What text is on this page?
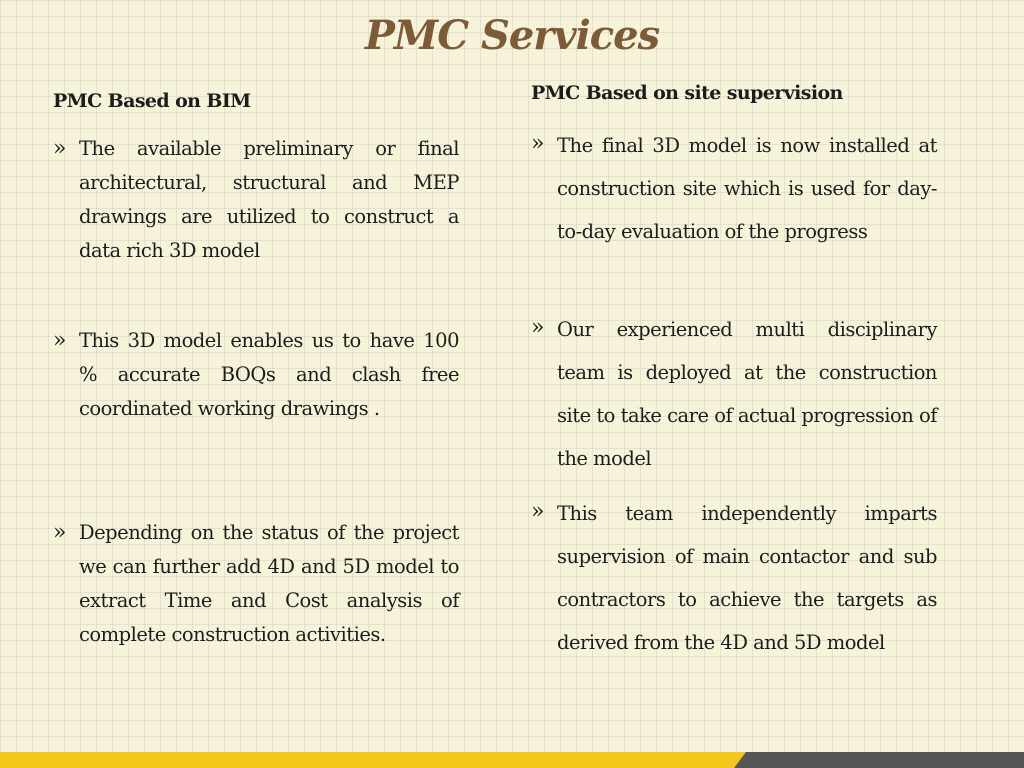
PMC Services
PMC Based on BIM
» The available preliminary or final architectural, structural and MEP drawings are utilized to construct a data rich 3D model
» This 3D model enables us to have 100 % accurate BOQs and clash free coordinated working drawings .
» Depending on the status of the project we can further add 4D and 5D model to extract Time and Cost analysis of complete construction activities.
PMC Based on site supervision
» The final 3D model is now installed at construction site which is used for day-to-day evaluation of the progress
» Our experienced multi disciplinary team is deployed at the construction site to take care of actual progression of the model
» This team independently imparts supervision of main contactor and sub contractors to achieve the targets as derived from the 4D and 5D model
